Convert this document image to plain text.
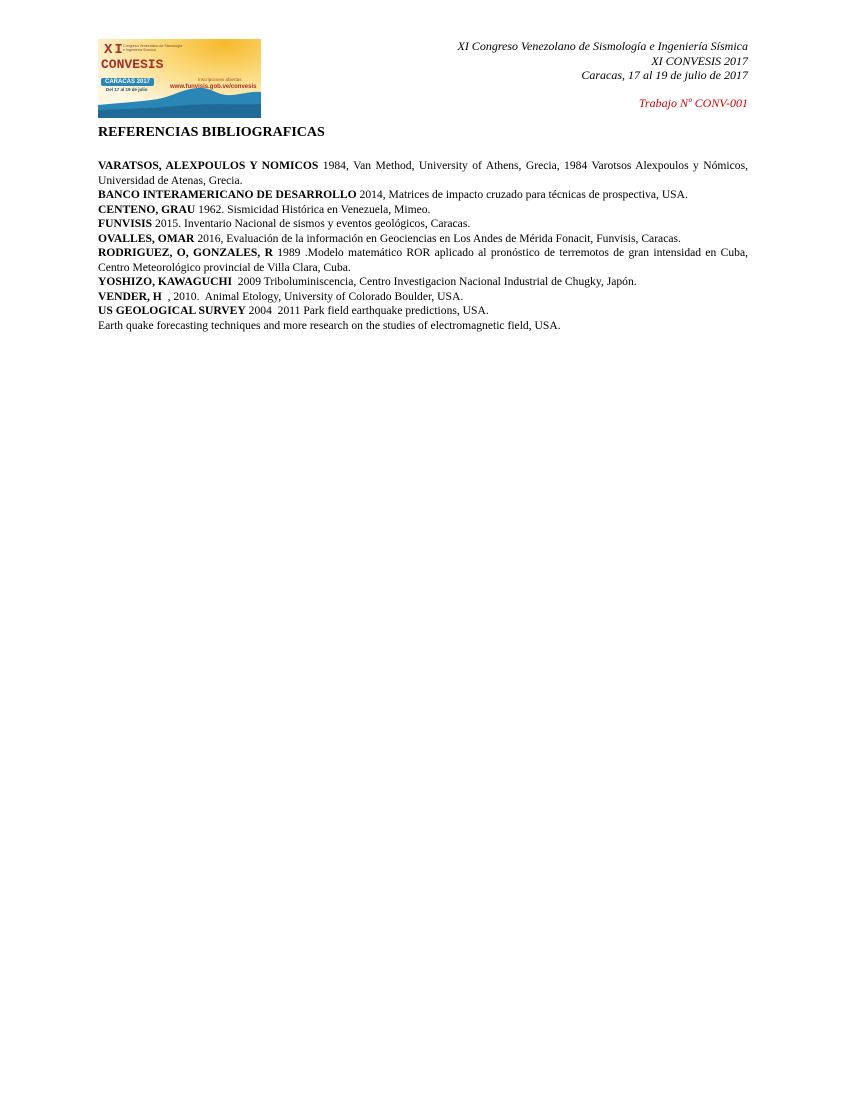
XI
Congreso Venezolano de Sismología e Ingeniería Sísmica
CONVESIS
CARACAS 2017
Del 17 al 19 de julio
Inscripciones abiertas
www.funvisis.gob.ve/convesis
XI Congreso Venezolano de Sismología e Ingeniería Sísmica
XI CONVESIS 2017
Caracas, 17 al 19 de julio de 2017
Trabajo Nº CONV-001
REFERENCIAS BIBLIOGRAFICAS
VARATSOS, ALEXPOULOS Y NOMICOS 1984, Van Method, University of Athens, Grecia, 1984 Varotsos Alexpoulos y Nómicos,  Universidad de Atenas, Grecia.
BANCO INTERAMERICANO DE DESARROLLO 2014, Matrices de impacto cruzado para técnicas de prospectiva, USA.
CENTENO, GRAU 1962. Sismicidad Histórica en Venezuela, Mimeo.
FUNVISIS 2015. Inventario Nacional de sismos y eventos geológicos, Caracas.
OVALLES, OMAR 2016, Evaluación de la información en Geociencias en Los Andes de Mérida Fonacit, Funvisis, Caracas.
RODRIGUEZ, O, GONZALES, R 1989 .Modelo matemático ROR aplicado al pronóstico de terremotos de gran intensidad en Cuba, Centro Meteorológico provincial de Villa Clara, Cuba.
YOSHIZO, KAWAGUCHI  2009 Triboluminiscencia, Centro Investigacion Nacional Industrial de Chugky, Japón.
VENDER, H  , 2010.  Animal Etology, University of Colorado Boulder, USA.
US GEOLOGICAL SURVEY 2004  2011 Park field earthquake predictions, USA.
Earth quake forecasting techniques and more research on the studies of electromagnetic field, USA.
